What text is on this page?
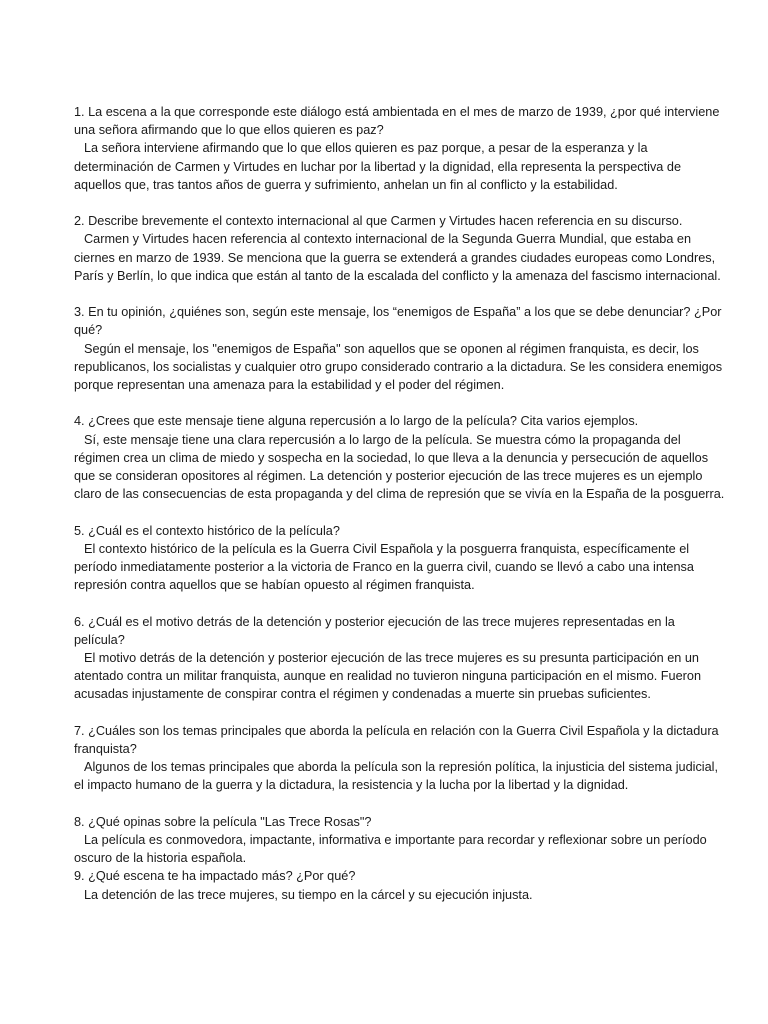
1. La escena a la que corresponde este diálogo está ambientada en el mes de marzo de 1939, ¿por qué interviene una señora afirmando que lo que ellos quieren es paz?
La señora interviene afirmando que lo que ellos quieren es paz porque, a pesar de la esperanza y la determinación de Carmen y Virtudes en luchar por la libertad y la dignidad, ella representa la perspectiva de aquellos que, tras tantos años de guerra y sufrimiento, anhelan un fin al conflicto y la estabilidad.
2. Describe brevemente el contexto internacional al que Carmen y Virtudes hacen referencia en su discurso.
Carmen y Virtudes hacen referencia al contexto internacional de la Segunda Guerra Mundial, que estaba en ciernes en marzo de 1939. Se menciona que la guerra se extenderá a grandes ciudades europeas como Londres, París y Berlín, lo que indica que están al tanto de la escalada del conflicto y la amenaza del fascismo internacional.
3. En tu opinión, ¿quiénes son, según este mensaje, los “enemigos de España” a los que se debe denunciar? ¿Por qué?
Según el mensaje, los "enemigos de España" son aquellos que se oponen al régimen franquista, es decir, los republicanos, los socialistas y cualquier otro grupo considerado contrario a la dictadura. Se les considera enemigos porque representan una amenaza para la estabilidad y el poder del régimen.
4. ¿Crees que este mensaje tiene alguna repercusión a lo largo de la película? Cita varios ejemplos.
Sí, este mensaje tiene una clara repercusión a lo largo de la película. Se muestra cómo la propaganda del régimen crea un clima de miedo y sospecha en la sociedad, lo que lleva a la denuncia y persecución de aquellos que se consideran opositores al régimen. La detención y posterior ejecución de las trece mujeres es un ejemplo claro de las consecuencias de esta propaganda y del clima de represión que se vivía en la España de la posguerra.
5. ¿Cuál es el contexto histórico de la película?
El contexto histórico de la película es la Guerra Civil Española y la posguerra franquista, específicamente el período inmediatamente posterior a la victoria de Franco en la guerra civil, cuando se llevó a cabo una intensa represión contra aquellos que se habían opuesto al régimen franquista.
6. ¿Cuál es el motivo detrás de la detención y posterior ejecución de las trece mujeres representadas en la película?
El motivo detrás de la detención y posterior ejecución de las trece mujeres es su presunta participación en un atentado contra un militar franquista, aunque en realidad no tuvieron ninguna participación en el mismo. Fueron acusadas injustamente de conspirar contra el régimen y condenadas a muerte sin pruebas suficientes.
7. ¿Cuáles son los temas principales que aborda la película en relación con la Guerra Civil Española y la dictadura franquista?
Algunos de los temas principales que aborda la película son la represión política, la injusticia del sistema judicial, el impacto humano de la guerra y la dictadura, la resistencia y la lucha por la libertad y la dignidad.
8. ¿Qué opinas sobre la película "Las Trece Rosas"?
La película es conmovedora, impactante, informativa e importante para recordar y reflexionar sobre un período oscuro de la historia española.
9. ¿Qué escena te ha impactado más? ¿Por qué?
La detención de las trece mujeres, su tiempo en la cárcel y su ejecución injusta.
